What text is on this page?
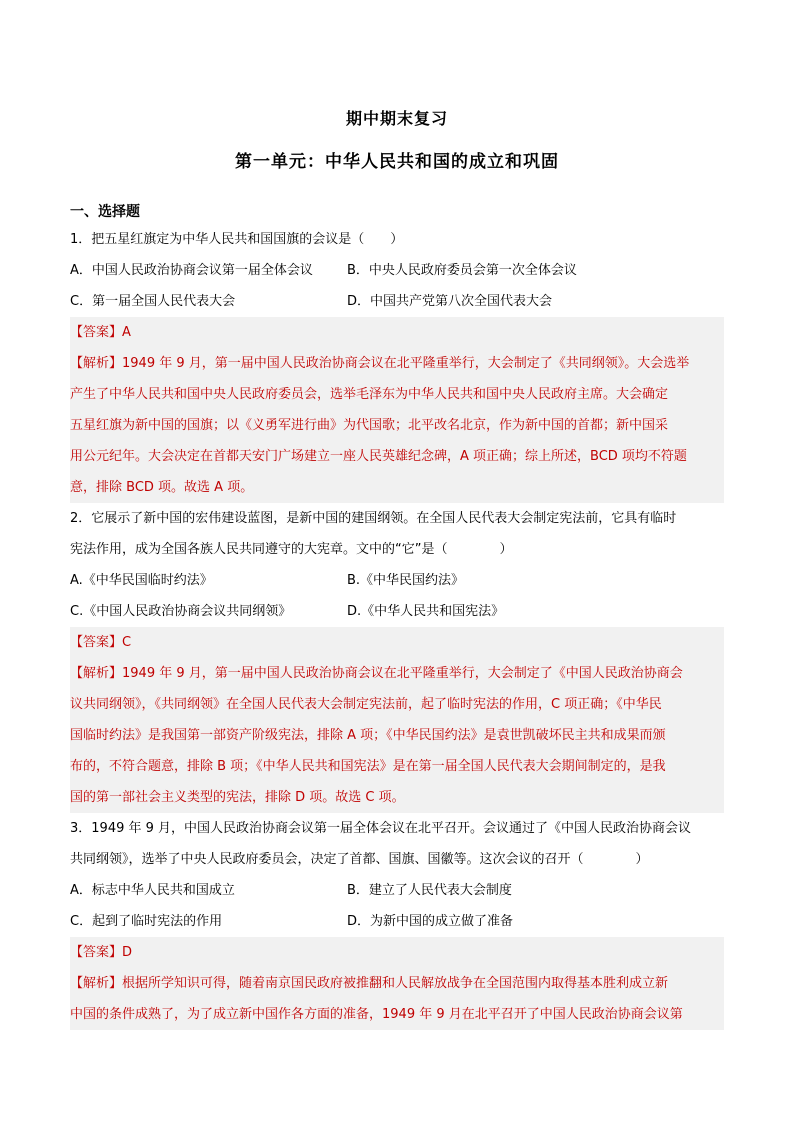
期中期末复习
第一单元：中华人民共和国的成立和巩固
一、选择题
1．把五星红旗定为中华人民共和国国旗的会议是（　　）
A．中国人民政治协商会议第一届全体会议	B．中央人民政府委员会第一次全体会议
C．第一届全国人民代表大会	D．中国共产党第八次全国代表大会
【答案】A
【解析】1949 年 9 月，第一届中国人民政治协商会议在北平隆重举行，大会制定了《共同纲领》。大会选举
产生了中华人民共和国中央人民政府委员会，选举毛泽东为中华人民共和国中央人民政府主席。大会确定
五星红旗为新中国的国旗；以《义勇军进行曲》为代国歌；北平改名北京，作为新中国的首都；新中国采
用公元纪年。大会决定在首都天安门广场建立一座人民英雄纪念碑，A 项正确；综上所述，BCD 项均不符题
意，排除 BCD 项。故选 A 项。
2．它展示了新中国的宏伟建设蓝图，是新中国的建国纲领。在全国人民代表大会制定宪法前，它具有临时
宪法作用，成为全国各族人民共同遵守的大宪章。文中的“它”是（　　　　）
A.《中华民国临时约法》	B.《中华民国约法》
C.《中国人民政治协商会议共同纲领》	D.《中华人民共和国宪法》
【答案】C
【解析】1949 年 9 月，第一届中国人民政治协商会议在北平隆重举行，大会制定了《中国人民政治协商会
议共同纲领》，《共同纲领》在全国人民代表大会制定宪法前，起了临时宪法的作用，C 项正确；《中华民
国临时约法》是我国第一部资产阶级宪法，排除 A 项；《中华民国约法》是袁世凯破坏民主共和成果而颁
布的，不符合题意，排除 B 项；《中华人民共和国宪法》是在第一届全国人民代表大会期间制定的，是我
国的第一部社会主义类型的宪法，排除 D 项。故选 C 项。
3．1949 年 9 月，中国人民政治协商会议第一届全体会议在北平召开。会议通过了《中国人民政治协商会议
共同纲领》，选举了中央人民政府委员会，决定了首都、国旗、国徽等。这次会议的召开（　　　　）
A．标志中华人民共和国成立	B．建立了人民代表大会制度
C．起到了临时宪法的作用	D．为新中国的成立做了准备
【答案】D
【解析】根据所学知识可得，随着南京国民政府被推翻和人民解放战争在全国范围内取得基本胜利成立新
中国的条件成熟了，为了成立新中国作各方面的准备，1949 年 9 月在北平召开了中国人民政治协商会议第
